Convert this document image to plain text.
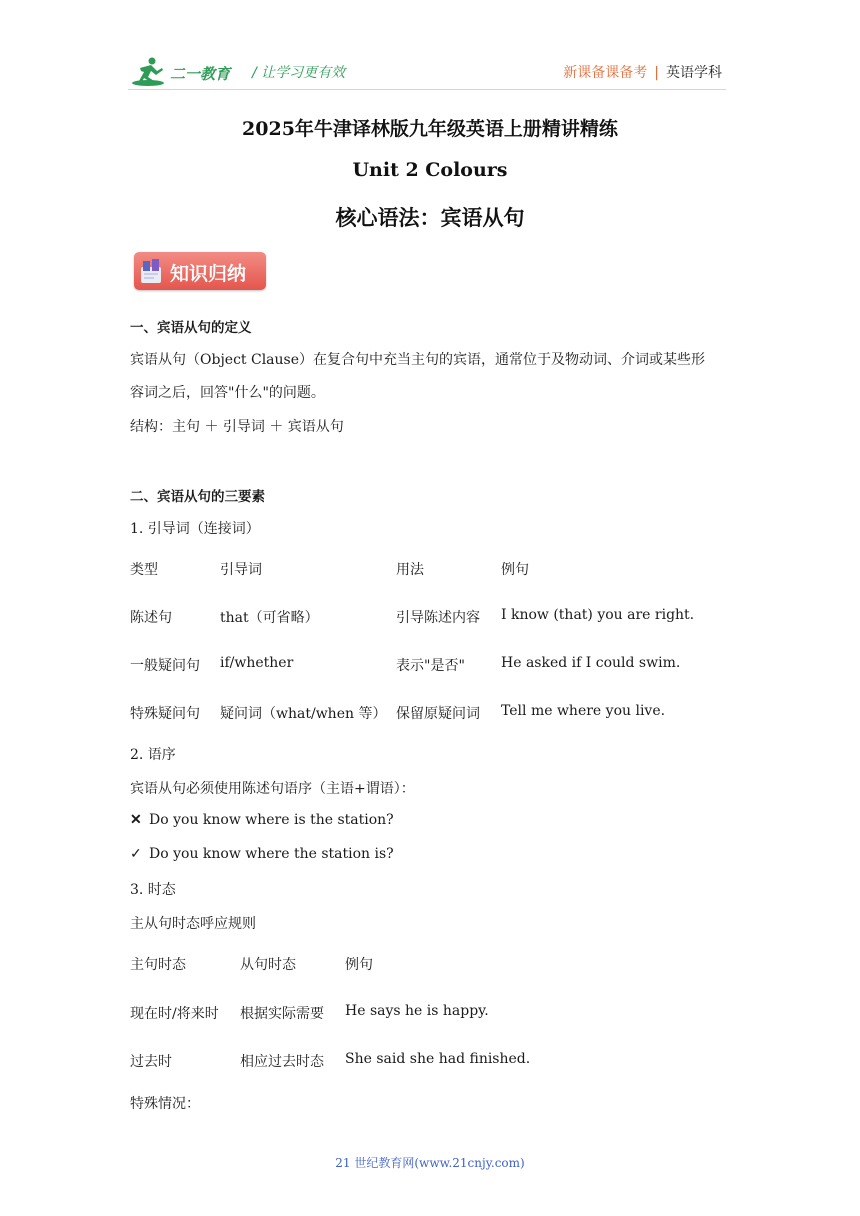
二一教育 / 让学习更有效	新课备课备考 | 英语学科
2025年牛津译林版九年级英语上册精讲精练
Unit 2 Colours
核心语法：宾语从句
知识归纳
一、宾语从句的定义
宾语从句（Object Clause）在复合句中充当主句的宾语，通常位于及物动词、介词或某些形
容词之后，回答"什么"的问题。
结构：主句 ＋ 引导词 ＋ 宾语从句
二、宾语从句的三要素
1. 引导词（连接词）
类型	引导词	用法	例句
陈述句	that（可省略）	引导陈述内容 I know (that) you are right.
一般疑问句 if/whether	表示"是否"	He asked if I could swim.
特殊疑问句 疑问词（what/when 等） 保留原疑问词 Tell me where you live.
2. 语序
宾语从句必须使用陈述句语序（主语+谓语）：
✕ Do you know where is the station?
✓ Do you know where the station is?
3. 时态
主从句时态呼应规则
主句时态	从句时态	例句
现在时/将来时 根据实际需要 He says he is happy.
过去时	相应过去时态 She said she had finished.
特殊情况：
21 世纪教育网(www.21cnjy.com)
